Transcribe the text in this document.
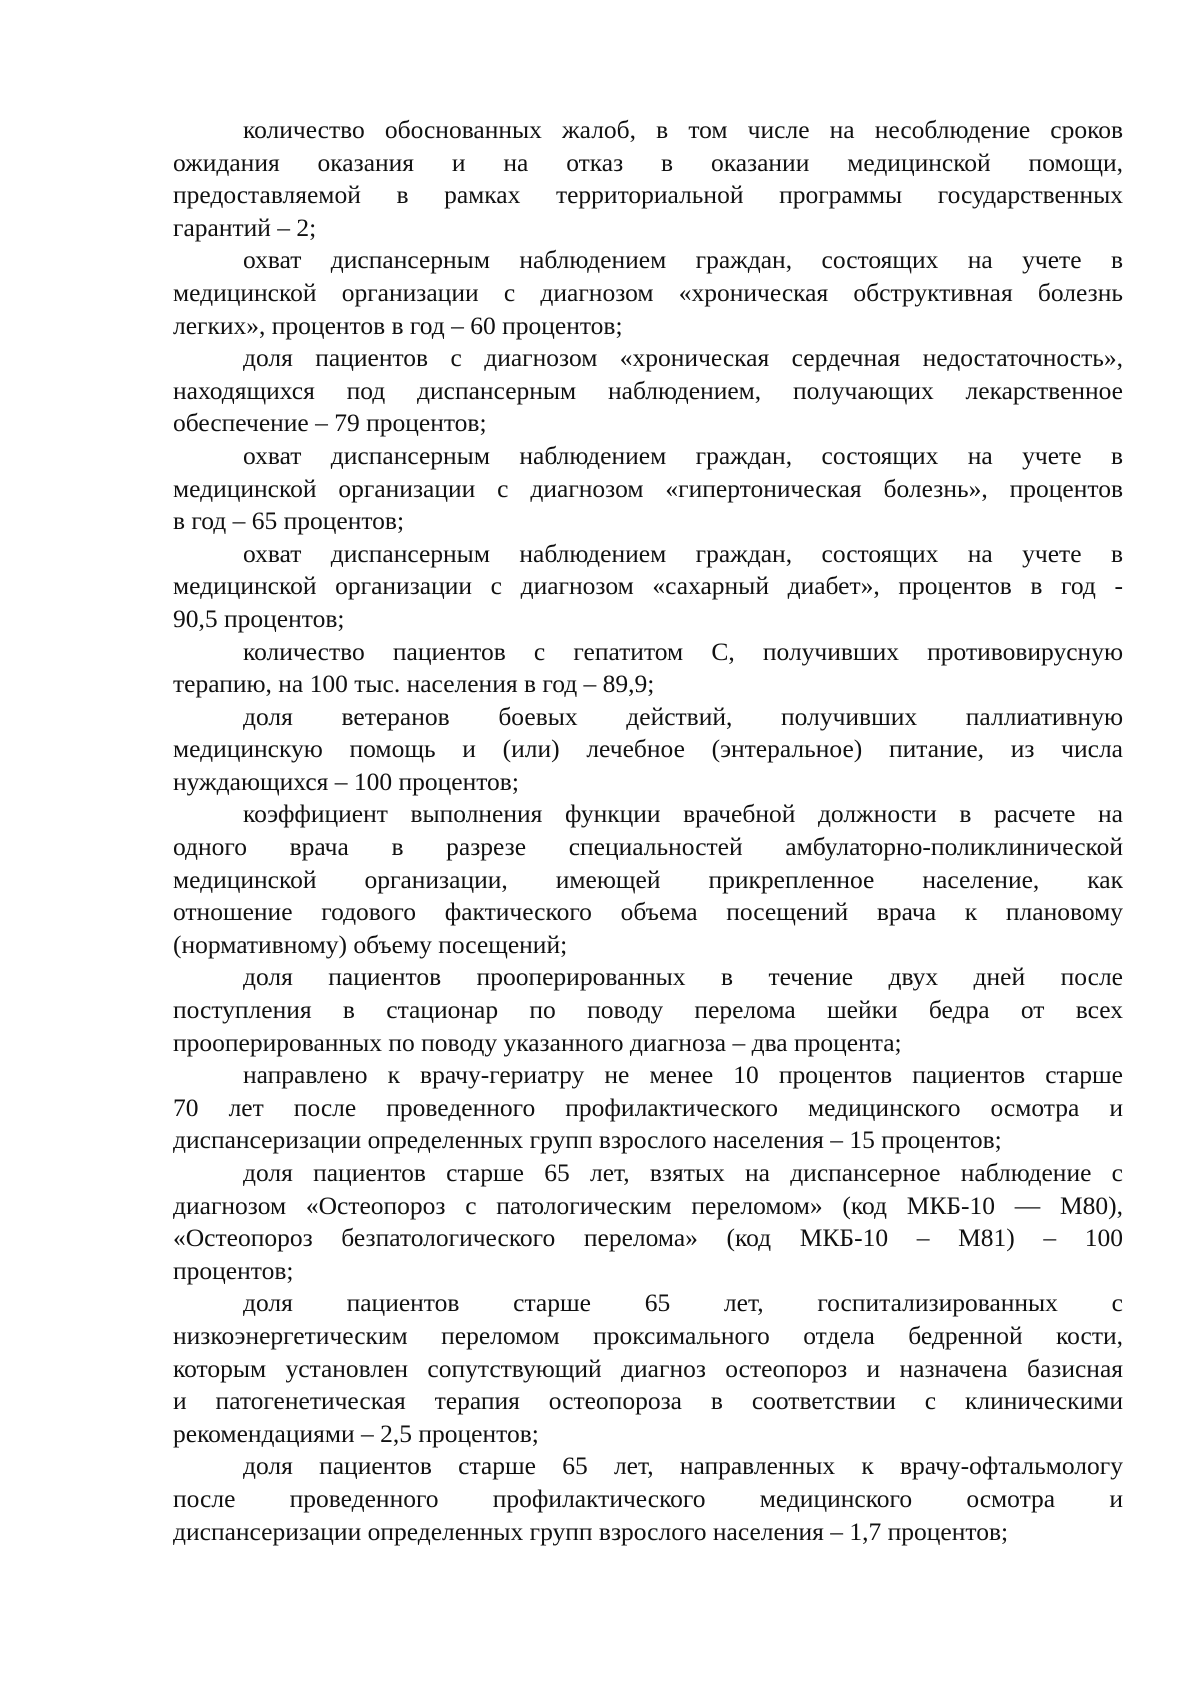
количество обоснованных жалоб, в том числе на несоблюдение сроков
ожидания оказания и на отказ в оказании медицинской помощи,
предоставляемой в рамках территориальной программы государственных
гарантий – 2;
охват диспансерным наблюдением граждан, состоящих на учете в
медицинской организации с диагнозом «хроническая обструктивная болезнь
легких», процентов в год – 60 процентов;
доля пациентов с диагнозом «хроническая сердечная недостаточность»,
находящихся под диспансерным наблюдением, получающих лекарственное
обеспечение – 79 процентов;
охват диспансерным наблюдением граждан, состоящих на учете в
медицинской организации с диагнозом «гипертоническая болезнь», процентов
в год – 65 процентов;
охват диспансерным наблюдением граждан, состоящих на учете в
медицинской организации с диагнозом «сахарный диабет», процентов в год -
90,5 процентов;
количество пациентов с гепатитом С, получивших противовирусную
терапию, на 100 тыс. населения в год – 89,9;
доля ветеранов боевых действий, получивших паллиативную
медицинскую помощь и (или) лечебное (энтеральное) питание, из числа
нуждающихся – 100 процентов;
коэффициент выполнения функции врачебной должности в расчете на
одного врача в разрезе специальностей амбулаторно-поликлинической
медицинской организации, имеющей прикрепленное население, как
отношение годового фактического объема посещений врача к плановому
(нормативному) объему посещений;
доля пациентов прооперированных в течение двух дней после
поступления в стационар по поводу перелома шейки бедра от всех
прооперированных по поводу указанного диагноза – два процента;
направлено к врачу-гериатру не менее 10 процентов пациентов старше
70 лет после проведенного профилактического медицинского осмотра и
диспансеризации определенных групп взрослого населения – 15 процентов;
доля пациентов старше 65 лет, взятых на диспансерное наблюдение с
диагнозом «Остеопороз с патологическим переломом» (код МКБ-10 — М80),
«Остеопороз безпатологического перелома» (код МКБ-10 – М81) – 100
процентов;
доля пациентов старше 65 лет, госпитализированных с
низкоэнергетическим переломом проксимального отдела бедренной кости,
которым установлен сопутствующий диагноз остеопороз и назначена базисная
и патогенетическая терапия остеопороза в соответствии с клиническими
рекомендациями – 2,5 процентов;
доля пациентов старше 65 лет, направленных к врачу-офтальмологу
после проведенного профилактического медицинского осмотра и
диспансеризации определенных групп взрослого населения – 1,7 процентов;
